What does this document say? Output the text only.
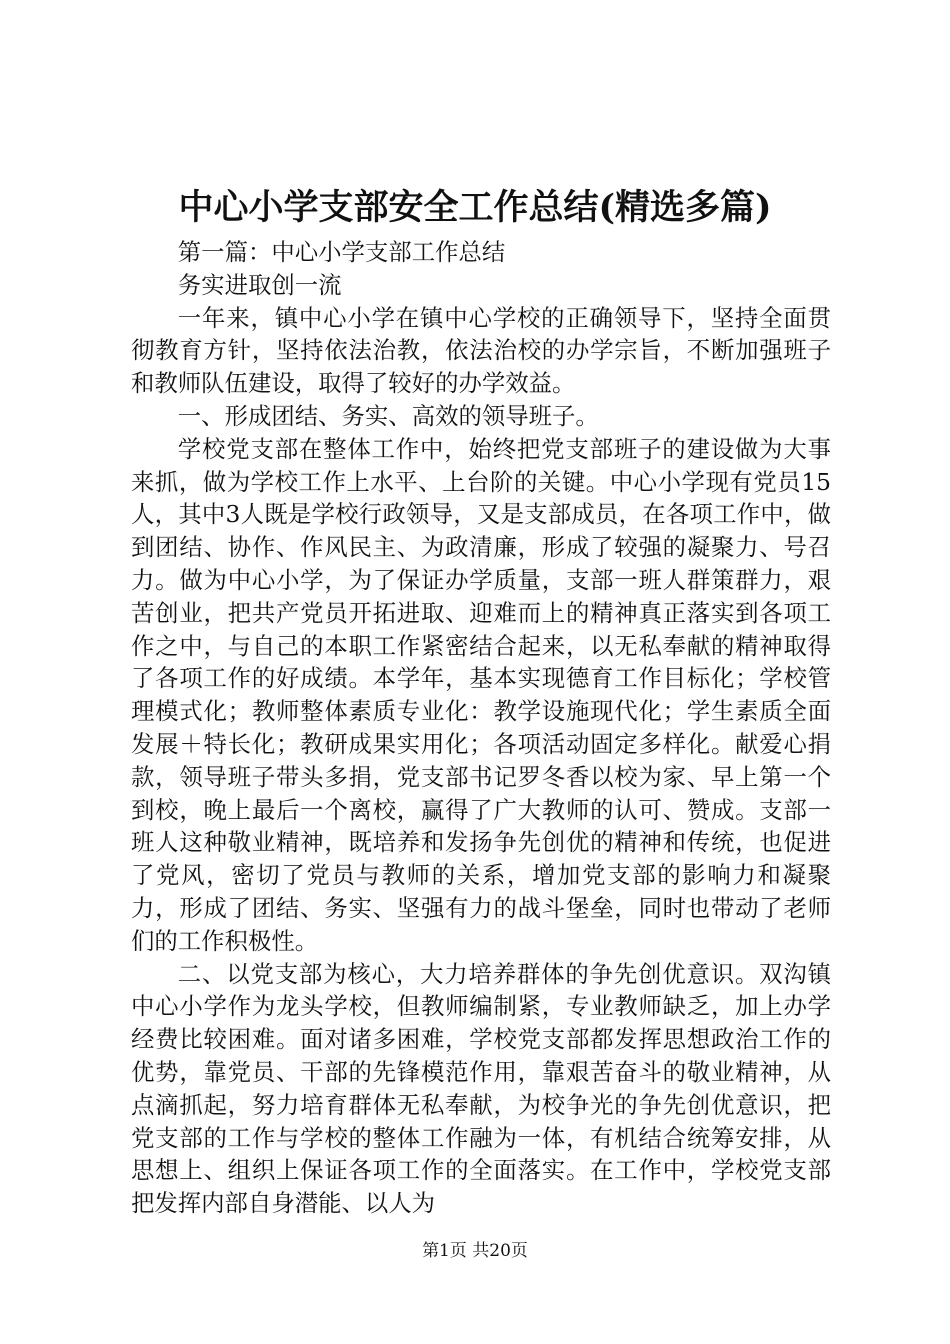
中心小学支部安全工作总结(精选多篇)

第一篇：中心小学支部工作总结

务实进取创一流

一年来，镇中心小学在镇中心学校的正确领导下，坚持全面贯彻教育方针，坚持依法治教，依法治校的办学宗旨，不断加强班子和教师队伍建设，取得了较好的办学效益。

一、形成团结、务实、高效的领导班子。

学校党支部在整体工作中，始终把党支部班子的建设做为大事来抓，做为学校工作上水平、上台阶的关键。中心小学现有党员15人，其中3人既是学校行政领导，又是支部成员，在各项工作中，做到团结、协作、作风民主、为政清廉，形成了较强的凝聚力、号召力。做为中心小学，为了保证办学质量，支部一班人群策群力，艰苦创业，把共产党员开拓进取、迎难而上的精神真正落实到各项工作之中，与自己的本职工作紧密结合起来，以无私奉献的精神取得了各项工作的好成绩。本学年，基本实现德育工作目标化；学校管理模式化；教师整体素质专业化：教学设施现代化；学生素质全面发展＋特长化；教研成果实用化；各项活动固定多样化。献爱心捐款，领导班子带头多捐，党支部书记罗冬香以校为家、早上第一个到校，晚上最后一个离校，赢得了广大教师的认可、赞成。支部一班人这种敬业精神，既培养和发扬争先创优的精神和传统，也促进了党风，密切了党员与教师的关系，增加党支部的影响力和凝聚力，形成了团结、务实、坚强有力的战斗堡垒，同时也带动了老师们的工作积极性。

二、以党支部为核心，大力培养群体的争先创优意识。双沟镇中心小学作为龙头学校，但教师编制紧，专业教师缺乏，加上办学经费比较困难。面对诸多困难，学校党支部都发挥思想政治工作的优势，靠党员、干部的先锋模范作用，靠艰苦奋斗的敬业精神，从点滴抓起，努力培育群体无私奉献，为校争光的争先创优意识，把党支部的工作与学校的整体工作融为一体，有机结合统筹安排，从思想上、组织上保证各项工作的全面落实。在工作中，学校党支部把发挥内部自身潜能、以人为

第1页 共20页
